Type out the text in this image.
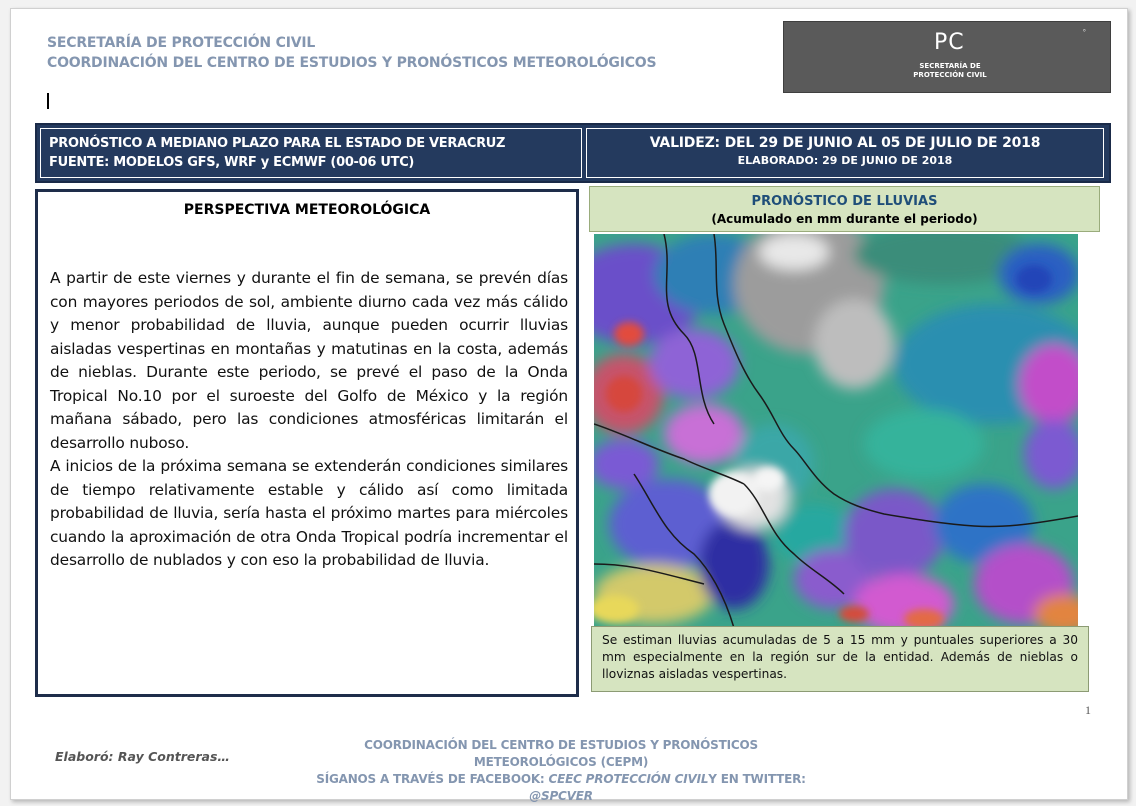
SECRETARÍA DE PROTECCIÓN CIVIL
COORDINACIÓN DEL CENTRO DE ESTUDIOS Y PRONÓSTICOS METEOROLÓGICOS
PC
SECRETARÍA DE
PROTECCIÓN CIVIL
°
PRONÓSTICO A MEDIANO PLAZO PARA EL ESTADO DE VERACRUZ
FUENTE: MODELOS GFS, WRF y ECMWF (00-06 UTC)
VALIDEZ: DEL 29 DE JUNIO AL 05 DE JULIO DE 2018
ELABORADO: 29 DE JUNIO DE 2018
PERSPECTIVA METEOROLÓGICA

A partir de este viernes y durante el fin de semana, se prevén días con mayores periodos de sol, ambiente diurno cada vez más cálido y menor probabilidad de lluvia, aunque pueden ocurrir lluvias aisladas vespertinas en montañas y matutinas en la costa, además de nieblas. Durante este periodo, se prevé el paso de la Onda Tropical No.10 por el suroeste del Golfo de México y la región mañana sábado, pero las condiciones atmosféricas limitarán el desarrollo nuboso.

A inicios de la próxima semana se extenderán condiciones similares de tiempo relativamente estable y cálido así como limitada probabilidad de lluvia, sería hasta el próximo martes para miércoles cuando la aproximación de otra Onda Tropical podría incrementar el desarrollo de nublados y con eso la probabilidad de lluvia.

PRONÓSTICO DE LLUVIAS
(Acumulado en mm durante el periodo)
Se estiman lluvias acumuladas de 5 a 15 mm y puntuales superiores a 30 mm especialmente en la región sur de la entidad. Además de nieblas o lloviznas aisladas vespertinas.
1
Elaboró: Ray Contreras…
COORDINACIÓN DEL CENTRO DE ESTUDIOS Y PRONÓSTICOS METEOROLÓGICOS (CEPM)
SÍGANOS A TRAVÉS DE FACEBOOK: CEEC PROTECCIÓN CIVILY EN TWITTER: @SPCVER
